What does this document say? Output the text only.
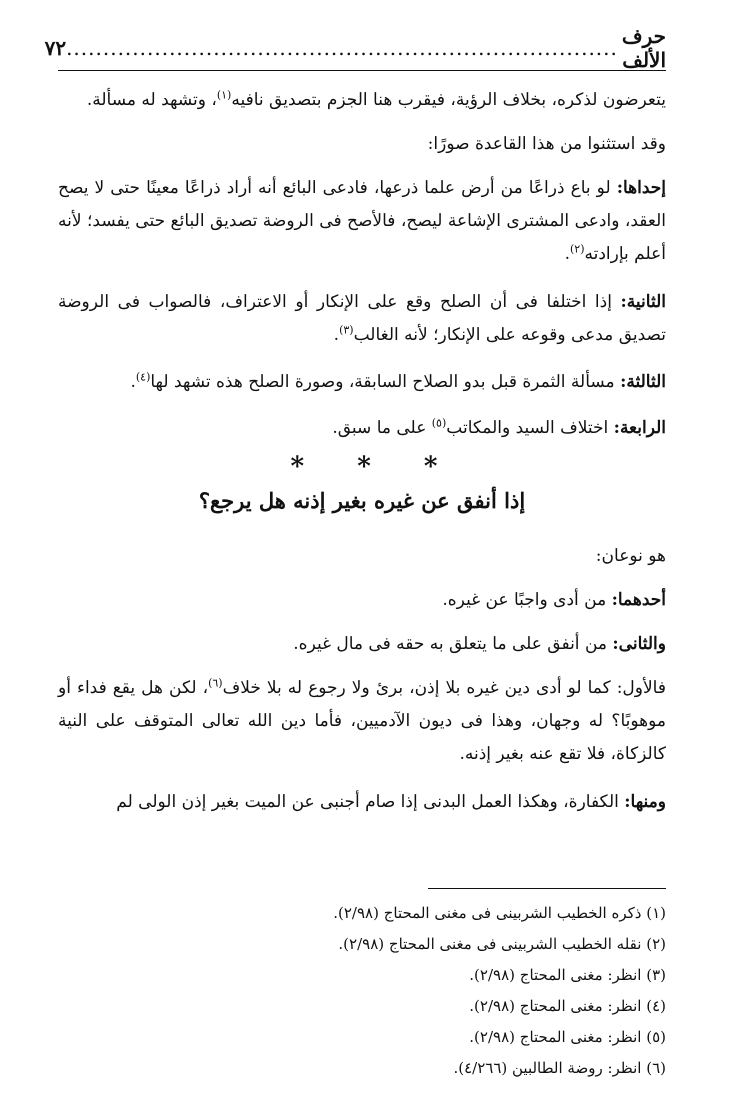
حرف الألف
...........................................................................
٧٢

يتعرضون لذكره، بخلاف الرؤية، فيقرب هنا الجزم بتصديق نافيه$^{(١)}$، وتشهد له مسألة.

وقد استثنوا من هذا القاعدة صورًا:

إحداها: لو باع ذراعًا من أرض علما ذرعها، فادعى البائع أنه أراد ذراعًا معينًا حتى لا يصح العقد، وادعى المشترى الإشاعة ليصح، فالأصح فى الروضة تصديق البائع حتى يفسد؛ لأنه أعلم بإرادته$^{(٢)}$.

الثانية: إذا اختلفا فى أن الصلح وقع على الإنكار أو الاعتراف، فالصواب فى الروضة تصديق مدعى وقوعه على الإنكار؛ لأنه الغالب$^{(٣)}$.

الثالثة: مسألة الثمرة قبل بدو الصلاح السابقة، وصورة الصلح هذه تشهد لها$^{(٤)}$.

الرابعة: اختلاف السيد والمكاتب$^{(٥)}$ على ما سبق.

* * *
إذا أنفق عن غيره بغير إذنه هل يرجع؟

هو نوعان:

أحدهما: من أدى واجبًا عن غيره.

والثانى: من أنفق على ما يتعلق به حقه فى مال غيره.

فالأول: كما لو أدى دين غيره بلا إذن، برئ ولا رجوع له بلا خلاف$^{(٦)}$، لكن هل يقع فداء أو موهوبًا؟ له وجهان، وهذا فى ديون الآدميين، فأما دين الله تعالى المتوقف على النية كالزكاة، فلا تقع عنه بغير إذنه.

ومنها: الكفارة، وهكذا العمل البدنى إذا صام أجنبى عن الميت بغير إذن الولى لم

(١) ذكره الخطيب الشربينى فى مغنى المحتاج (٢/٩٨).
(٢) نقله الخطيب الشربينى فى مغنى المحتاج (٢/٩٨).
(٣) انظر: مغنى المحتاج (٢/٩٨).
(٤) انظر: مغنى المحتاج (٢/٩٨).
(٥) انظر: مغنى المحتاج (٢/٩٨).
(٦) انظر: روضة الطالبين (٤/٢٦٦).
